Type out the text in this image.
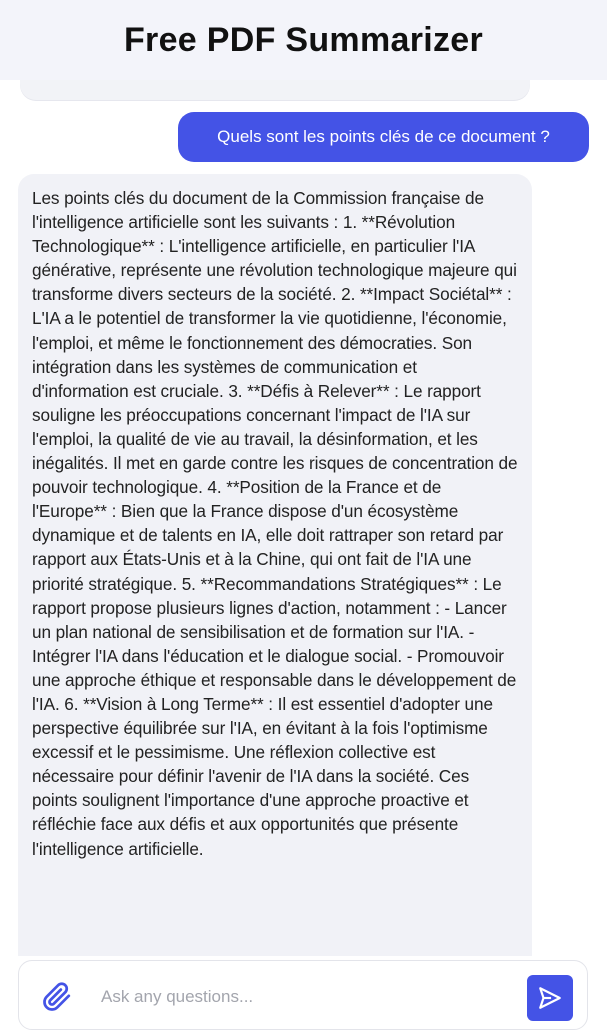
Free PDF Summarizer
Quels sont les points clés de ce document ?

Les points clés du document de la Commission française de l'intelligence artificielle sont les suivants : 1. **Révolution Technologique** : L'intelligence artificielle, en particulier l'IA générative, représente une révolution technologique majeure qui transforme divers secteurs de la société. 2. **Impact Sociétal** : L'IA a le potentiel de transformer la vie quotidienne, l'économie, l'emploi, et même le fonctionnement des démocraties. Son intégration dans les systèmes de communication et d'information est cruciale. 3. **Défis à Relever** : Le rapport souligne les préoccupations concernant l'impact de l'IA sur l'emploi, la qualité de vie au travail, la désinformation, et les inégalités. Il met en garde contre les risques de concentration de pouvoir technologique. 4. **Position de la France et de l'Europe** : Bien que la France dispose d'un écosystème dynamique et de talents en IA, elle doit rattraper son retard par rapport aux États-Unis et à la Chine, qui ont fait de l'IA une priorité stratégique. 5. **Recommandations Stratégiques** : Le rapport propose plusieurs lignes d'action, notamment : - Lancer un plan national de sensibilisation et de formation sur l'IA. - Intégrer l'IA dans l'éducation et le dialogue social. - Promouvoir une approche éthique et responsable dans le développement de l'IA. 6. **Vision à Long Terme** : Il est essentiel d'adopter une perspective équilibrée sur l'IA, en évitant à la fois l'optimisme excessif et le pessimisme. Une réflexion collective est nécessaire pour définir l'avenir de l'IA dans la société. Ces points soulignent l'importance d'une approche proactive et réfléchie face aux défis et aux opportunités que présente l'intelligence artificielle.

Ask any questions...
